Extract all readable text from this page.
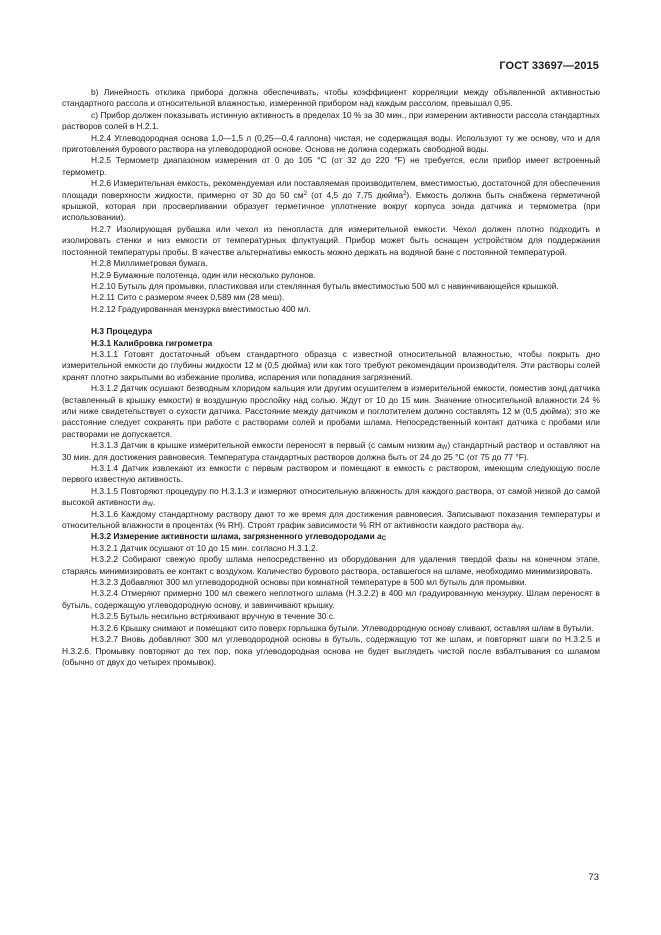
ГОСТ 33697—2015

b) Линейность отклика прибора должна обеспечивать, чтобы коэффициент корреляции между объявленной активностью стандартного рассола и относительной влажностью, измеренной прибором над каждым рассолом, превышал 0,95.

c) Прибор должен показывать истинную активность в пределах 10 % за 30 мин., при измерении активности рассола стандартных растворов солей в Н.2.1.

Н.2.4 Углеводородная основа 1,0—1,5 л (0,25—0,4 галлона) чистая, не содержащая воды. Используют ту же основу, что и для приготовления бурового раствора на углеводородной основе. Основа не должна содержать свободной воды.

Н.2.5 Термометр диапазоном измерения от 0 до 105 °С (от 32 до 220 °F) не требуется, если прибор имеет встроенный термометр.

Н.2.6 Измерительная емкость, рекомендуемая или поставляемая производителем, вместимостью, достаточной для обеспечения площади поверхности жидкости, примерно от 30 до 50 $см^2$ (от 4,5 до 7,75 дюйма$^2$). Емкость должна быть снабжена герметичной крышкой, которая при просверливании образует герметичное уплотнение вокруг корпуса зонда датчика и термометра (при использовании).

Н.2.7 Изолирующая рубашка или чехол из пенопласта для измерительной емкости. Чехол должен плотно подходить и изолировать стенки и низ емкости от температурных флуктуаций. Прибор может быть оснащен устройством для поддержания постоянной температуры пробы. В качестве альтернативы емкость можно держать на водяной бане с постоянной температурой.

Н.2.8 Миллиметровая бумага.

Н.2.9 Бумажные полотенца, один или несколько рулонов.

Н.2.10 Бутыль для промывки, пластиковая или стеклянная бутыль вместимостью 500 мл с навинчивающейся крышкой.

Н.2.11 Сито с размером ячеек 0,589 мм (28 меш).

Н.2.12 Градуированная мензурка вместимостью 400 мл.

Н.3 Процедура
Н.3.1 Калибровка гигрометра

Н.3.1.1 Готовят достаточный объем стандартного образца с известной относительной влажностью, чтобы покрыть дно измерительной емкости до глубины жидкости 12 м (0,5 дюйма) или как того требуют рекомендации производителя. Эти растворы солей хранят плотно закрытыми во избежание пролива, испарения или попадания загрязнений.

Н.3.1.2 Датчик осушают безводным хлоридом кальция или другим осушителем в измерительной емкости, поместив зонд датчика (вставленный в крышку емкости) в воздушную прослойку над солью. Ждут от 10 до 15 мин. Значение относительной влажности 24 % или ниже свидетельствует о сухости датчика. Расстояние между датчиком и поглотителем должно составлять 12 м (0,5 дюйма); это же расстояние следует сохранять при работе с растворами солей и пробами шлама. Непосредственный контакт датчика с пробами или растворами не допускается.

Н.3.1.3 Датчик в крышке измерительной емкости переносят в первый (с самым низким $a_W$) стандартный раствор и оставляют на 30 мин. для достижения равновесия. Температура стандартных растворов должна быть от 24 до 25 °С (от 75 до 77 °F).

Н.3.1.4 Датчик извлекают из емкости с первым раствором и помещают в емкость с раствором, имеющим следующую после первого известную активность.

Н.3.1.5 Повторяют процедуру по Н.3.1.3 и измеряют относительную влажность для каждого раствора, от самой низкой до самой высокой активности $a_W$.

Н.3.1.6 Каждому стандартному раствору дают то же время для достижения равновесия. Записывают показания температуры и относительной влажности в процентах (% RH). Строят график зависимости % RH от активности каждого раствора $a_W$.

Н.3.2 Измерение активности шлама, загрязненного углеводородами $a_C$

Н.3.2.1 Датчик осушают от 10 до 15 мин. согласно Н.3.1.2.

Н.3.2.2 Собирают свежую пробу шлама непосредственно из оборудования для удаления твердой фазы на конечном этапе, стараясь минимизировать ее контакт с воздухом. Количество бурового раствора, оставшегося на шламе, необходимо минимизировать.

Н.3.2.3 Добавляют 300 мл углеводородной основы при комнатной температуре в 500 мл бутыль для промывки.

Н.3.2.4 Отмеряют примерно 100 мл свежего неплотного шлама (Н.3.2.2) в 400 мл градуированную мензурку. Шлам переносят в бутыль, содержащую углеводородную основу, и завинчивают крышку.

Н.3.2.5 Бутыль несильно встряхивают вручную в течение 30 с.

Н.3.2.6 Крышку снимают и помещают сито поверх горлышка бутыли. Углеводородную основу сливают, оставляя шлам в бутыли.

Н.3.2.7 Вновь добавляют 300 мл углеводородной основы в бутыль, содержащую тот же шлам, и повторяют шаги по Н.3.2.5 и Н.3.2.6. Промывку повторяют до тех пор, пока углеводородная основа не будет выглядеть чистой после взбалтывания со шламом (обычно от двух до четырех промывок).

73
